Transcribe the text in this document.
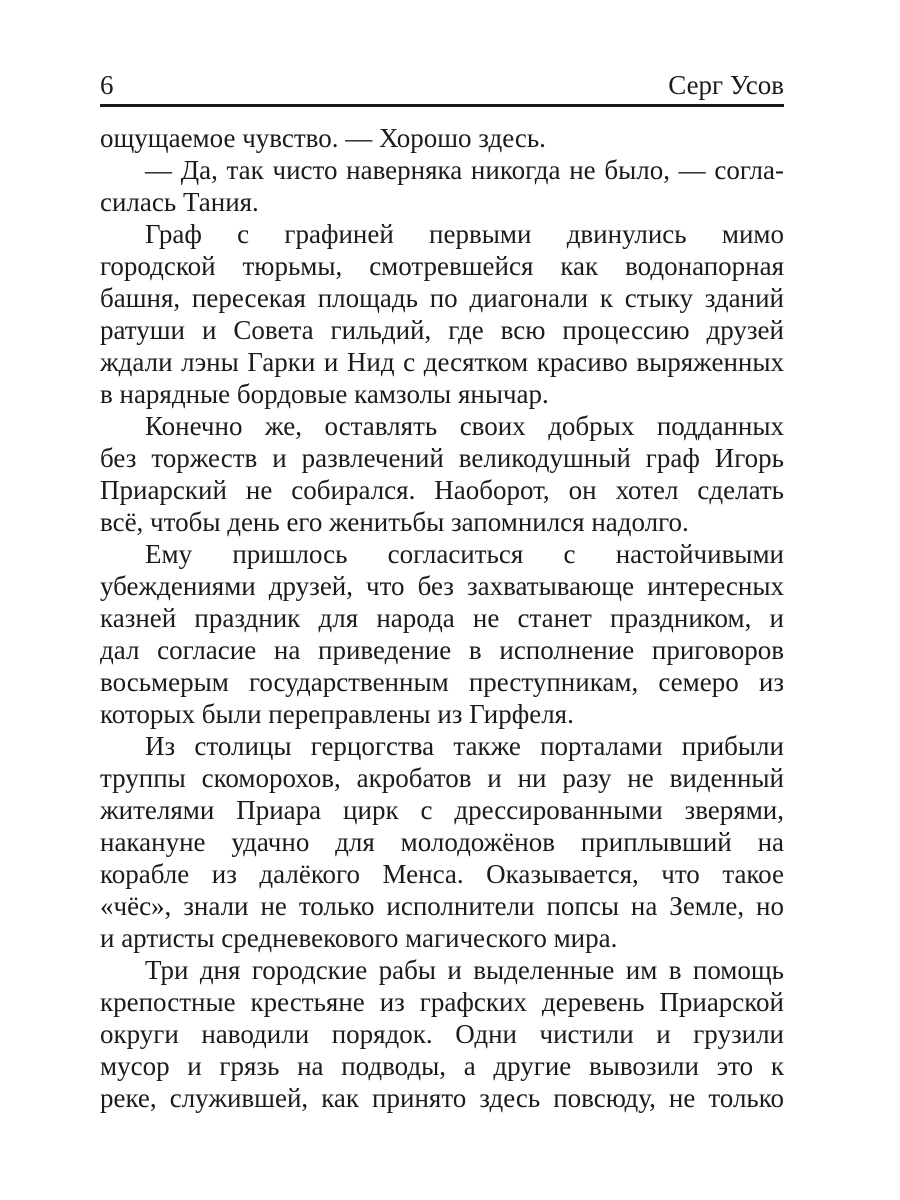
6	Серг Усов
ощущаемое чувство. — Хорошо здесь.
— Да, так чисто наверняка никогда не было, — согла-
силась Тания.
Граф с графиней первыми двинулись мимо
городской тюрьмы, смотревшейся как водонапорная
башня, пересекая площадь по диагонали к стыку зданий
ратуши и Совета гильдий, где всю процессию друзей
ждали лэны Гарки и Нид с десятком красиво выряженных
в нарядные бордовые камзолы янычар.
Конечно же, оставлять своих добрых подданных
без торжеств и развлечений великодушный граф Игорь
Приарский не собирался. Наоборот, он хотел сделать
всё, чтобы день его женитьбы запомнился надолго.
Ему пришлось согласиться с настойчивыми
убеждениями друзей, что без захватывающе интересных
казней праздник для народа не станет праздником, и
дал согласие на приведение в исполнение приговоров
восьмерым государственным преступникам, семеро из
которых были переправлены из Гирфеля.
Из столицы герцогства также порталами прибыли
труппы скоморохов, акробатов и ни разу не виденный
жителями Приара цирк с дрессированными зверями,
накануне удачно для молодожёнов приплывший на
корабле из далёкого Менса. Оказывается, что такое
«чёс», знали не только исполнители попсы на Земле, но
и артисты средневекового магического мира.
Три дня городские рабы и выделенные им в помощь
крепостные крестьяне из графских деревень Приарской
округи наводили порядок. Одни чистили и грузили
мусор и грязь на подводы, а другие вывозили это к
реке, служившей, как принято здесь повсюду, не только
